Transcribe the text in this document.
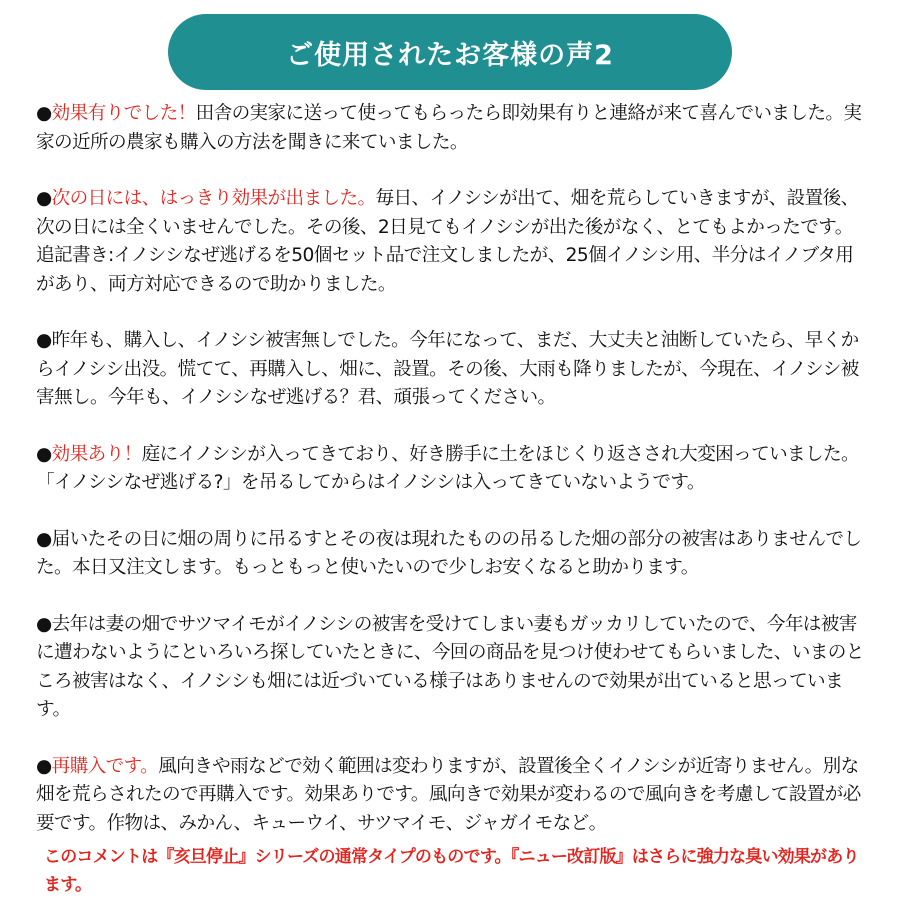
ご使用されたお客様の声2

●効果有りでした！田舎の実家に送って使ってもらったら即効果有りと連絡が来て喜んでいました。実家の近所の農家も購入の方法を聞きに来ていました。

●次の日には、はっきり効果が出ました。毎日、イノシシが出て、畑を荒らしていきますが、設置後、次の日には全くいませんでした。その後、2日見てもイノシシが出た後がなく、とてもよかったです。追記書き:イノシシなぜ逃げるを50個セット品で注文しましたが、25個イノシシ用、半分はイノブタ用があり、両方対応できるので助かりました。

●昨年も、購入し、イノシシ被害無しでした。今年になって、まだ、大丈夫と油断していたら、早くからイノシシ出没。慌てて、再購入し、畑に、設置。その後、大雨も降りましたが、今現在、イノシシ被害無し。今年も、イノシシなぜ逃げる？君、頑張ってください。

●効果あり！庭にイノシシが入ってきており、好き勝手に土をほじくり返さされ大変困っていました。「イノシシなぜ逃げる?」を吊るしてからはイノシシは入ってきていないようです。

●届いたその日に畑の周りに吊るすとその夜は現れたものの吊るした畑の部分の被害はありませんでした。本日又注文します。もっともっと使いたいので少しお安くなると助かります。

●去年は妻の畑でサツマイモがイノシシの被害を受けてしまい妻もガッカリしていたので、今年は被害に遭わないようにといろいろ探していたときに、今回の商品を見つけ使わせてもらいました、いまのところ被害はなく、イノシシも畑には近づいている様子はありませんので効果が出ていると思っています。

●再購入です。風向きや雨などで効く範囲は変わりますが、設置後全くイノシシが近寄りません。別な畑を荒らされたので再購入です。効果ありです。風向きで効果が変わるので風向きを考慮して設置が必要です。作物は、みかん、キューウイ、サツマイモ、ジャガイモなど。

このコメントは『亥旦停止』シリーズの通常タイプのものです。『ニュー改訂版』はさらに強力な臭い効果があります。
